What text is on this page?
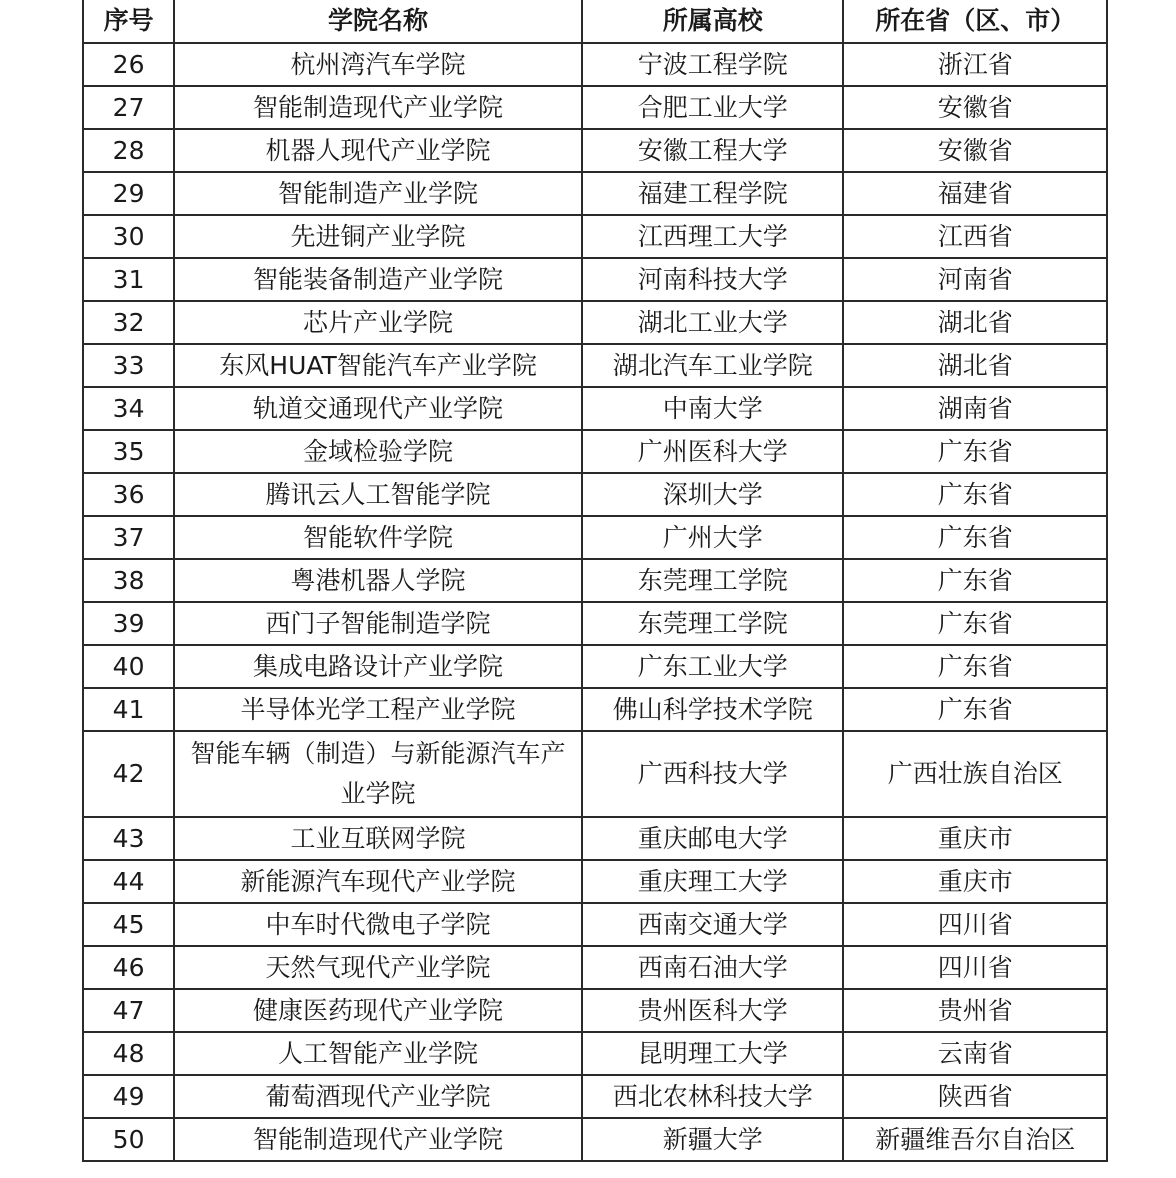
序号	学院名称	所属高校	所在省（区、市）
26	杭州湾汽车学院	宁波工程学院	浙江省
27	智能制造现代产业学院	合肥工业大学	安徽省
28	机器人现代产业学院	安徽工程大学	安徽省
29	智能制造产业学院	福建工程学院	福建省
30	先进铜产业学院	江西理工大学	江西省
31	智能装备制造产业学院	河南科技大学	河南省
32	芯片产业学院	湖北工业大学	湖北省
33	东风HUAT智能汽车产业学院	湖北汽车工业学院	湖北省
34	轨道交通现代产业学院	中南大学	湖南省
35	金域检验学院	广州医科大学	广东省
36	腾讯云人工智能学院	深圳大学	广东省
37	智能软件学院	广州大学	广东省
38	粤港机器人学院	东莞理工学院	广东省
39	西门子智能制造学院	东莞理工学院	广东省
40	集成电路设计产业学院	广东工业大学	广东省
41	半导体光学工程产业学院	佛山科学技术学院	广东省
42	智能车辆（制造）与新能源汽车产业学院	广西科技大学	广西壮族自治区
43	工业互联网学院	重庆邮电大学	重庆市
44	新能源汽车现代产业学院	重庆理工大学	重庆市
45	中车时代微电子学院	西南交通大学	四川省
46	天然气现代产业学院	西南石油大学	四川省
47	健康医药现代产业学院	贵州医科大学	贵州省
48	人工智能产业学院	昆明理工大学	云南省
49	葡萄酒现代产业学院	西北农林科技大学	陕西省
50	智能制造现代产业学院	新疆大学	新疆维吾尔自治区
